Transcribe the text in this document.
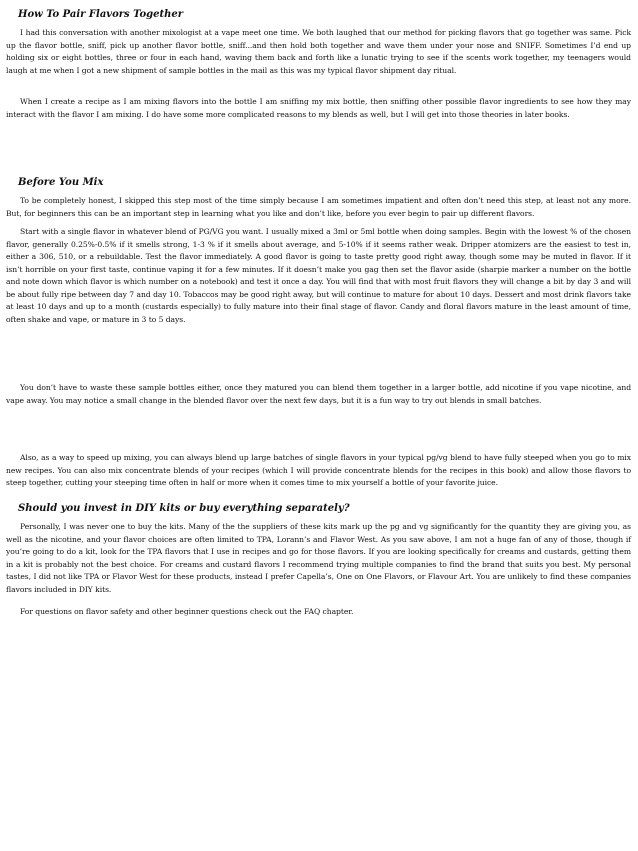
How To Pair Flavors Together

I had this conversation with another mixologist at a vape meet one time. We both laughed that our method for picking flavors that go together was same. Pick up the flavor bottle, sniff, pick up another flavor bottle, sniff...and then hold both together and wave them under your nose and SNIFF. Sometimes I’d end up holding six or eight bottles, three or four in each hand, waving them back and forth like a lunatic trying to see if the scents work together, my teenagers would laugh at me when I got a new shipment of sample bottles in the mail as this was my typical flavor shipment day ritual.

When I create a recipe as I am mixing flavors into the bottle I am sniffing my mix bottle, then sniffing other possible flavor ingredients to see how they may interact with the flavor I am mixing. I do have some more complicated reasons to my blends as well, but I will get into those theories in later books.

Before You Mix

To be completely honest, I skipped this step most of the time simply because I am sometimes impatient and often don’t need this step, at least not any more. But, for beginners this can be an important step in learning what you like and don’t like, before you ever begin to pair up different flavors.

Start with a single flavor in whatever blend of PG/VG you want. I usually mixed a 3ml or 5ml bottle when doing samples. Begin with the lowest % of the chosen flavor, generally 0.25%-0.5% if it smells strong, 1-3 % if it smells about average, and 5-10% if it seems rather weak. Dripper atomizers are the easiest to test in, either a 306, 510, or a rebuildable. Test the flavor immediately. A good flavor is going to taste pretty good right away, though some may be muted in flavor. If it isn’t horrible on your first taste, continue vaping it for a few minutes. If it doesn’t make you gag then set the flavor aside (sharpie marker a number on the bottle and note down which flavor is which number on a notebook) and test it once a day. You will find that with most fruit flavors they will change a bit by day 3 and will be about fully ripe between day 7 and day 10. Tobaccos may be good right away, but will continue to mature for about 10 days. Dessert and most drink flavors take at least 10 days and up to a month (custards especially) to fully mature into their final stage of flavor. Candy and floral flavors mature in the least amount of time, often shake and vape, or mature in 3 to 5 days.

You don’t have to waste these sample bottles either, once they matured you can blend them together in a larger bottle, add nicotine if you vape nicotine, and vape away. You may notice a small change in the blended flavor over the next few days, but it is a fun way to try out blends in small batches.

Also, as a way to speed up mixing, you can always blend up large batches of single flavors in your typical pg/vg blend to have fully steeped when you go to mix new recipes. You can also mix concentrate blends of your recipes (which I will provide concentrate blends for the recipes in this book) and allow those flavors to steep together, cutting your steeping time often in half or more when it comes time to mix yourself a bottle of your favorite juice.

Should you invest in DIY kits or buy everything separately?

Personally, I was never one to buy the kits. Many of the the suppliers of these kits mark up the pg and vg significantly for the quantity they are giving you, as well as the nicotine, and your flavor choices are often limited to TPA, Lorann’s and Flavor West. As you saw above, I am not a huge fan of any of those, though if you’re going to do a kit, look for the TPA flavors that I use in recipes and go for those flavors. If you are looking specifically for creams and custards, getting them in a kit is probably not the best choice. For creams and custard flavors I recommend trying multiple companies to find the brand that suits you best. My personal tastes, I did not like TPA or Flavor West for these products, instead I prefer Capella’s, One on One Flavors, or Flavour Art. You are unlikely to find these companies flavors included in DIY kits.

For questions on flavor safety and other beginner questions check out the FAQ chapter.
